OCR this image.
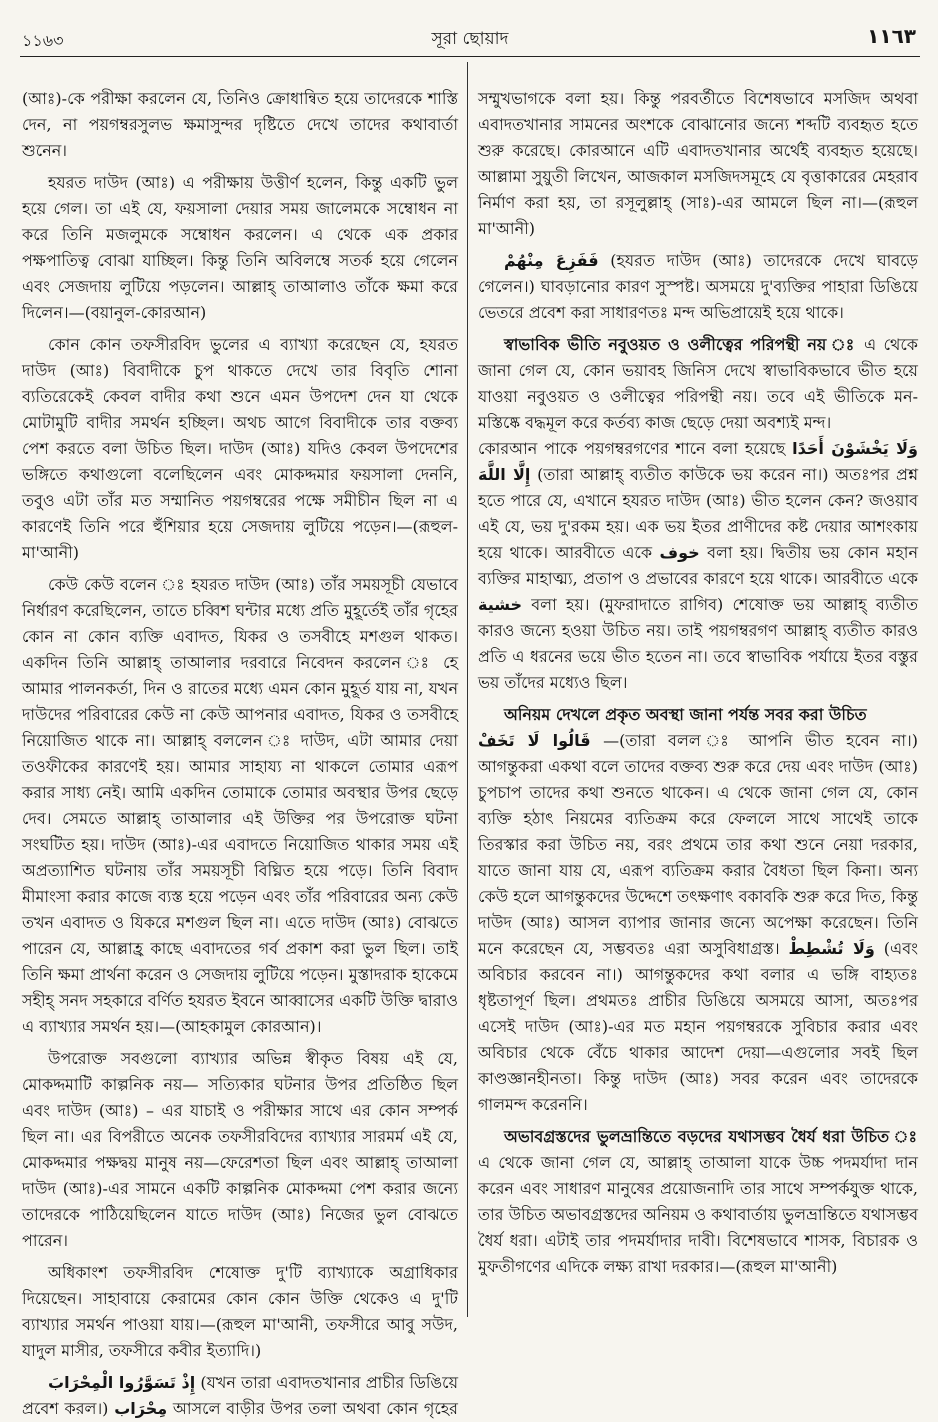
১১৬৩	সূরা ছোয়াদ	١١٦٣

(আঃ)-কে পরীক্ষা করলেন যে, তিনিও ক্রোধান্বিত হয়ে তাদেরকে শাস্তি দেন, না পয়গম্বরসুলভ ক্ষমাসুন্দর দৃষ্টিতে দেখে তাদের কথাবার্তা শুনেন।

হযরত দাউদ (আঃ) এ পরীক্ষায় উত্তীর্ণ হলেন, কিন্তু একটি ভুল হয়ে গেল। তা এই যে, ফয়সালা দেয়ার সময় জালেমকে সম্বোধন না করে তিনি মজলুমকে সম্বোধন করলেন। এ থেকে এক প্রকার পক্ষপাতিত্ব বোঝা যাচ্ছিল। কিন্তু তিনি অবিলম্বে সতর্ক হয়ে গেলেন এবং সেজদায় লুটিয়ে পড়লেন। আল্লাহ্ তাআলাও তাঁকে ক্ষমা করে দিলেন।—(বয়ানুল-কোরআন)

কোন কোন তফসীরবিদ ভুলের এ ব্যাখ্যা করেছেন যে, হযরত দাউদ (আঃ) বিবাদীকে চুপ থাকতে দেখে তার বিবৃতি শোনা ব্যতিরেকেই কেবল বাদীর কথা শুনে এমন উপদেশ দেন যা থেকে মোটামুটি বাদীর সমর্থন হচ্ছিল। অথচ আগে বিবাদীকে তার বক্তব্য পেশ করতে বলা উচিত ছিল। দাউদ (আঃ) যদিও কেবল উপদেশের ভঙ্গিতে কথাগুলো বলেছিলেন এবং মোকদ্দমার ফয়সালা দেননি, তবুও এটা তাঁর মত সম্মানিত পয়গম্বরের পক্ষে সমীচীন ছিল না এ কারণেই তিনি পরে হুঁশিয়ার হয়ে সেজদায় লুটিয়ে পড়েন।—(রূহুল-মা'আনী)

কেউ কেউ বলেন ঃ হযরত দাউদ (আঃ) তাঁর সময়সূচী যেভাবে নির্ধারণ করেছিলেন, তাতে চব্বিশ ঘন্টার মধ্যে প্রতি মুহূর্তেই তাঁর গৃহের কোন না কোন ব্যক্তি এবাদত, যিকর ও তসবীহে মশগুল থাকত। একদিন তিনি আল্লাহ্ তাআলার দরবারে নিবেদন করলেন ঃ হে আমার পালনকর্তা, দিন ও রাতের মধ্যে এমন কোন মুহূর্ত যায় না, যখন দাউদের পরিবারের কেউ না কেউ আপনার এবাদত, যিকর ও তসবীহে নিয়োজিত থাকে না। আল্লাহ্ বললেন ঃ দাউদ, এটা আমার দেয়া তওফীকের কারণেই হয়। আমার সাহায্য না থাকলে তোমার এরূপ করার সাধ্য নেই। আমি একদিন তোমাকে তোমার অবস্থার উপর ছেড়ে দেব। সেমতে আল্লাহ্ তাআলার এই উক্তির পর উপরোক্ত ঘটনা সংঘটিত হয়। দাউদ (আঃ)-এর এবাদতে নিয়োজিত থাকার সময় এই অপ্রত্যাশিত ঘটনায় তাঁর সময়সূচী বিঘ্নিত হয়ে পড়ে। তিনি বিবাদ মীমাংসা করার কাজে ব্যস্ত হয়ে পড়েন এবং তাঁর পরিবারের অন্য কেউ তখন এবাদত ও যিকরে মশগুল ছিল না। এতে দাউদ (আঃ) বোঝতে পারেন যে, আল্লাহ্র কাছে এবাদতের গর্ব প্রকাশ করা ভুল ছিল। তাই তিনি ক্ষমা প্রার্থনা করেন ও সেজদায় লুটিয়ে পড়েন। মুস্তাদরাক হাকেমে সহীহ্ সনদ সহকারে বর্ণিত হযরত ইবনে আব্বাসের একটি উক্তি দ্বারাও এ ব্যাখ্যার সমর্থন হয়।—(আহকামুল কোরআন)।

উপরোক্ত সবগুলো ব্যাখ্যার অভিন্ন স্বীকৃত বিষয় এই যে, মোকদ্দমাটি কাল্পনিক নয়— সত্যিকার ঘটনার উপর প্রতিষ্ঠিত ছিল এবং দাউদ (আঃ) – এর যাচাই ও পরীক্ষার সাথে এর কোন সম্পর্ক ছিল না। এর বিপরীতে অনেক তফসীরবিদের ব্যাখ্যার সারমর্ম এই যে, মোকদ্দমার পক্ষদ্বয় মানুষ নয়—ফেরেশতা ছিল এবং আল্লাহ্ তাআলা দাউদ (আঃ)-এর সামনে একটি কাল্পনিক মোকদ্দমা পেশ করার জন্যে তাদেরকে পাঠিয়েছিলেন যাতে দাউদ (আঃ) নিজের ভুল বোঝতে পারেন।

অধিকাংশ তফসীরবিদ শেষোক্ত দু'টি ব্যাখ্যাকে অগ্রাধিকার দিয়েছেন। সাহাবায়ে কেরামের কোন কোন উক্তি থেকেও এ দু'টি ব্যাখ্যার সমর্থন পাওয়া যায়।—(রূহুল মা'আনী, তফসীরে আবু সউদ, যাদুল মাসীর, তফসীরে কবীর ইত্যাদি।)

إِذْ تَسَوَّرُوا الْمِحْرَابَ (যখন তারা এবাদতখানার প্রাচীর ডিঙিয়ে প্রবেশ করল।) مِحْرَاب আসলে বাড়ীর উপর তলা অথবা কোন গৃহের

সম্মুখভাগকে বলা হয়। কিন্তু পরবর্তীতে বিশেষভাবে মসজিদ অথবা এবাদতখানার সামনের অংশকে বোঝানোর জন্যে শব্দটি ব্যবহৃত হতে শুরু করেছে। কোরআনে এটি এবাদতখানার অর্থেই ব্যবহৃত হয়েছে। আল্লামা সুয়ুতী লিখেন, আজকাল মসজিদসমূহে যে বৃত্তাকারের মেহরাব নির্মাণ করা হয়, তা রসূলুল্লাহ্ (সাঃ)-এর আমলে ছিল না।—(রূহুল মা'আনী)

فَفَزِعَ مِنْهُمْ (হযরত দাউদ (আঃ) তাদেরকে দেখে ঘাবড়ে গেলেন।) ঘাবড়ানোর কারণ সুস্পষ্ট। অসময়ে দু'ব্যক্তির পাহারা ডিঙিয়ে ভেতরে প্রবেশ করা সাধারণতঃ মন্দ অভিপ্রায়েই হয়ে থাকে।

স্বাভাবিক ভীতি নবুওয়ত ও ওলীত্বের পরিপন্থী নয় ঃ এ থেকে জানা গেল যে, কোন ভয়াবহ জিনিস দেখে স্বাভাবিকভাবে ভীত হয়ে যাওয়া নবুওয়ত ও ওলীত্বের পরিপন্থী নয়। তবে এই ভীতিকে মন-মস্তিষ্কে বদ্ধমূল করে কর্তব্য কাজ ছেড়ে দেয়া অবশ্যই মন্দ।

কোরআন পাকে পয়গম্বরগণের শানে বলা হয়েছে وَلَا يَخْشَوْنَ أَحَدًا إِلَّا اللَّهَ (তারা আল্লাহ্ ব্যতীত কাউকে ভয় করেন না।) অতঃপর প্রশ্ন হতে পারে যে, এখানে হযরত দাউদ (আঃ) ভীত হলেন কেন? জওয়াব এই যে, ভয় দু'রকম হয়। এক ভয় ইতর প্রাণীদের কষ্ট দেয়ার আশংকায় হয়ে থাকে। আরবীতে একে خوف বলা হয়। দ্বিতীয় ভয় কোন মহান ব্যক্তির মাহাত্ম্য, প্রতাপ ও প্রভাবের কারণে হয়ে থাকে। আরবীতে একে خشية বলা হয়। (মুফরাদাতে রাগিব) শেষোক্ত ভয় আল্লাহ্ ব্যতীত কারও জন্যে হওয়া উচিত নয়। তাই পয়গম্বরগণ আল্লাহ্ ব্যতীত কারও প্রতি এ ধরনের ভয়ে ভীত হতেন না। তবে স্বাভাবিক পর্যায়ে ইতর বস্তুর ভয় তাঁদের মধ্যেও ছিল।

অনিয়ম দেখলে প্রকৃত অবস্থা জানা পর্যন্ত সবর করা উচিত

قَالُوا لَا تَخَفْ —(তারা বলল ঃ আপনি ভীত হবেন না।) আগন্তুকরা একথা বলে তাদের বক্তব্য শুরু করে দেয় এবং দাউদ (আঃ) চুপচাপ তাদের কথা শুনতে থাকেন। এ থেকে জানা গেল যে, কোন ব্যক্তি হঠাৎ নিয়মের ব্যতিক্রম করে ফেললে সাথে সাথেই তাকে তিরস্কার করা উচিত নয়, বরং প্রথমে তার কথা শুনে নেয়া দরকার, যাতে জানা যায় যে, এরূপ ব্যতিক্রম করার বৈধতা ছিল কিনা। অন্য কেউ হলে আগন্তুকদের উদ্দেশে তৎক্ষণাৎ বকাবকি শুরু করে দিত, কিন্তু দাউদ (আঃ) আসল ব্যাপার জানার জন্যে অপেক্ষা করেছেন। তিনি মনে করেছেন যে, সম্ভবতঃ এরা অসুবিধাগ্রস্ত। وَلَا تُشْطِطْ (এবং অবিচার করবেন না।) আগন্তুকদের কথা বলার এ ভঙ্গি বাহ্যতঃ ধৃষ্টতাপূর্ণ ছিল। প্রথমতঃ প্রাচীর ডিঙিয়ে অসময়ে আসা, অতঃপর এসেই দাউদ (আঃ)-এর মত মহান পয়গম্বরকে সুবিচার করার এবং অবিচার থেকে বেঁচে থাকার আদেশ দেয়া—এগুলোর সবই ছিল কাণ্ডজ্ঞানহীনতা। কিন্তু দাউদ (আঃ) সবর করেন এবং তাদেরকে গালমন্দ করেননি।

অভাবগ্রস্তদের ভুলভ্রান্তিতে বড়দের যথাসম্ভব ধৈর্য ধরা উচিত ঃ এ থেকে জানা গেল যে, আল্লাহ্ তাআলা যাকে উচ্চ পদমর্যাদা দান করেন এবং সাধারণ মানুষের প্রয়োজনাদি তার সাথে সম্পর্কযুক্ত থাকে, তার উচিত অভাবগ্রস্তদের অনিয়ম ও কথাবার্তায় ভুলভ্রান্তিতে যথাসম্ভব ধৈর্য ধরা। এটাই তার পদমর্যাদার দাবী। বিশেষভাবে শাসক, বিচারক ও মুফতীগণের এদিকে লক্ষ্য রাখা দরকার।—(রূহুল মা'আনী)
